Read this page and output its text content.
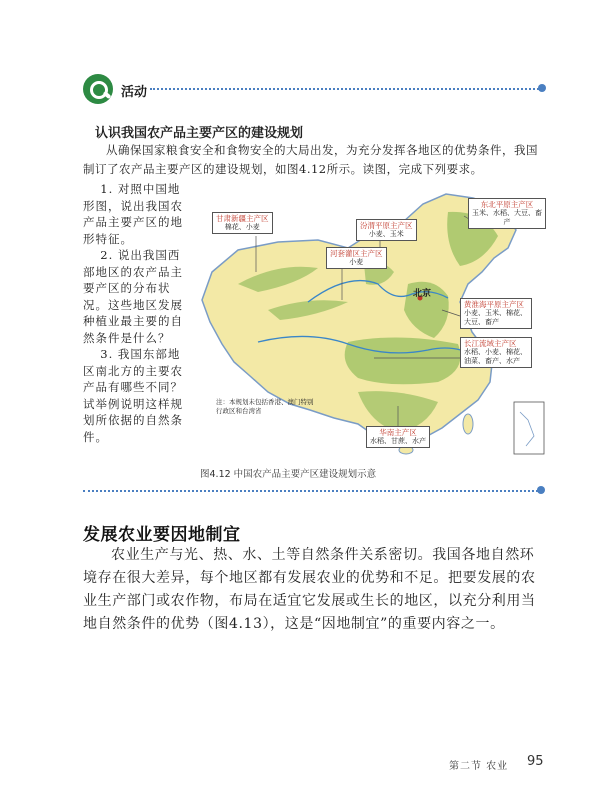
活动
认识我国农产品主要产区的建设规划
从确保国家粮食安全和食物安全的大局出发，为充分发挥各地区的优势条件，我国制订了农产品主要产区的建设规划，如图4.12所示。读图，完成下列要求。

1. 对照中国地形图，说出我国农产品主要产区的地形特征。

2. 说出我国西部地区的农产品主要产区的分布状况。这些地区发展种植业最主要的自然条件是什么？

3. 我国东部地区南北方的主要农产品有哪些不同？试举例说明这样规划所依据的自然条件。

甘肃新疆主产区
棉花、小麦	汾渭平原主产区
小麦、玉米
河套灌区主产区
小麦
东北平原主产区
玉米、水稻、大豆、畜产
黄淮海平原主产区
小麦、玉米、棉花、大豆、畜产
长江流域主产区
水稻、小麦、棉花、油菜、畜产、水产
华南主产区
水稻、甘蔗、水产
北京
注：本规划未包括香港、澳门特别行政区和台湾省
图4.12 中国农产品主要产区建设规划示意
发展农业要因地制宜
农业生产与光、热、水、土等自然条件关系密切。我国各地自然环境存在很大差异，每个地区都有发展农业的优势和不足。把要发展的农业生产部门或农作物，布局在适宜它发展或生长的地区，以充分利用当地自然条件的优势（图4.13），这是“因地制宜”的重要内容之一。
第二节 农业 95
